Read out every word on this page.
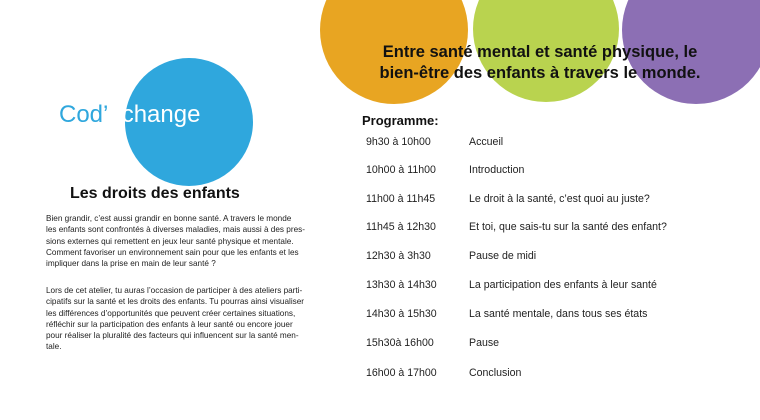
Entre santé mental et santé physique, le
bien-être des enfants à travers le monde.
Cod’échange
Les droits des enfants
Bien grandir, c’est aussi grandir en bonne santé. A travers le monde
les enfants sont confrontés à diverses maladies, mais aussi à des pres-
sions externes qui remettent en jeux leur santé physique et mentale.
Comment favoriser un environnement sain pour que les enfants et les
impliquer dans la prise en main de leur santé ?
Lors de cet atelier, tu auras l’occasion de participer à des ateliers parti-
cipatifs sur la santé et les droits des enfants. Tu pourras ainsi visualiser
les différences d’opportunités que peuvent créer certaines situations,
réfléchir sur la participation des enfants à leur santé ou encore jouer
pour réaliser la pluralité des facteurs qui influencent sur la santé men-
tale.
Programme:
9h30 à 10h00	Accueil
10h00 à 11h00	Introduction
11h00 à 11h45	Le droit à la santé, c’est quoi au juste?
11h45 à 12h30	Et toi, que sais-tu sur la santé des enfant?
12h30 à 3h30	Pause de midi
13h30 à 14h30	La participation des enfants à leur santé
14h30 à 15h30	La santé mentale, dans tous ses états
15h30à 16h00	Pause
16h00 à 17h00	Conclusion
